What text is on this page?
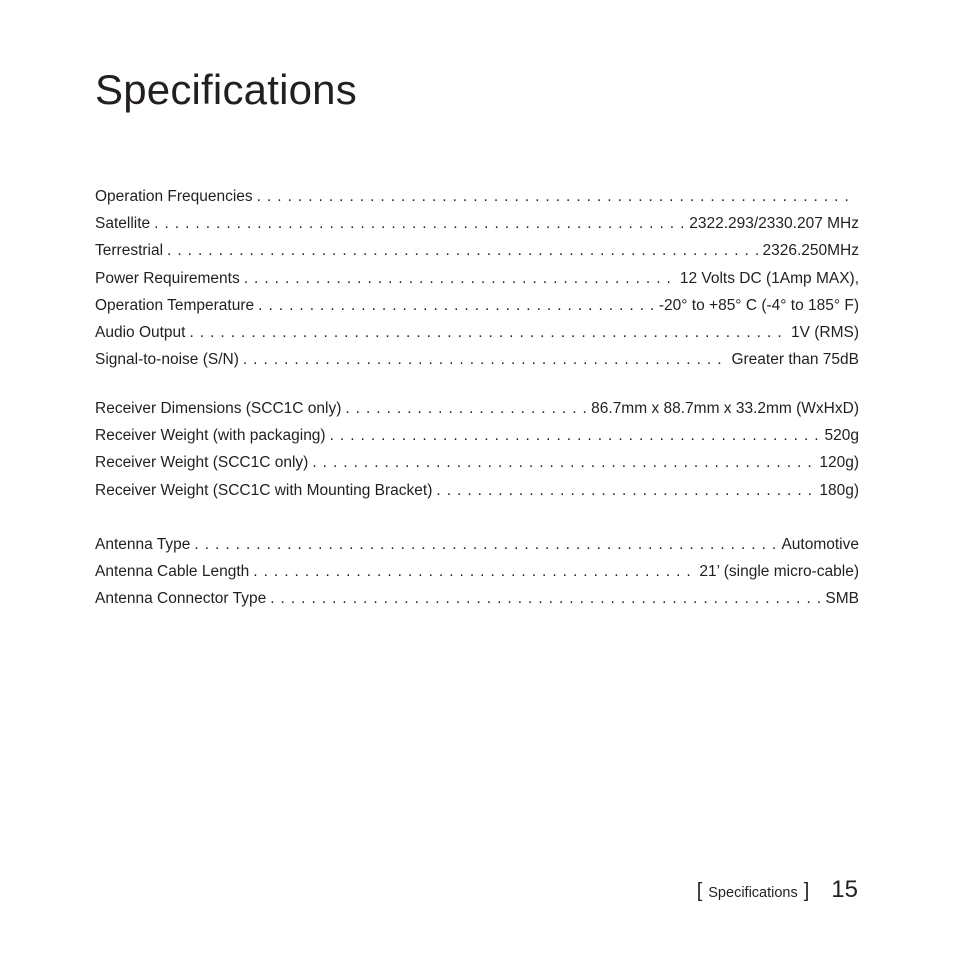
Specifications
Operation Frequencies
. . .
Satellite . . .	2322.293/2330.207 MHz
Terrestrial . . .	2326.250MHz
Power Requirements . . .	12 Volts DC (1Amp MAX),
Operation Temperature . . .	-20° to +85° C (-4° to 185° F)
Audio Output . . .	1V (RMS)
Signal-to-noise (S/N) . . .	Greater than 75dB
Receiver Dimensions (SCC1C only) . . .	86.7mm x 88.7mm x 33.2mm (WxHxD)
Receiver Weight (with packaging) . . .	520g
Receiver Weight (SCC1C only) . . .	120g)
Receiver Weight (SCC1C with Mounting Bracket) . . .	180g)
Antenna Type . . .	Automotive
Antenna Cable Length . . .	21’ (single micro-cable)
Antenna Connector Type . . .	SMB
[ Specifications ] 15
